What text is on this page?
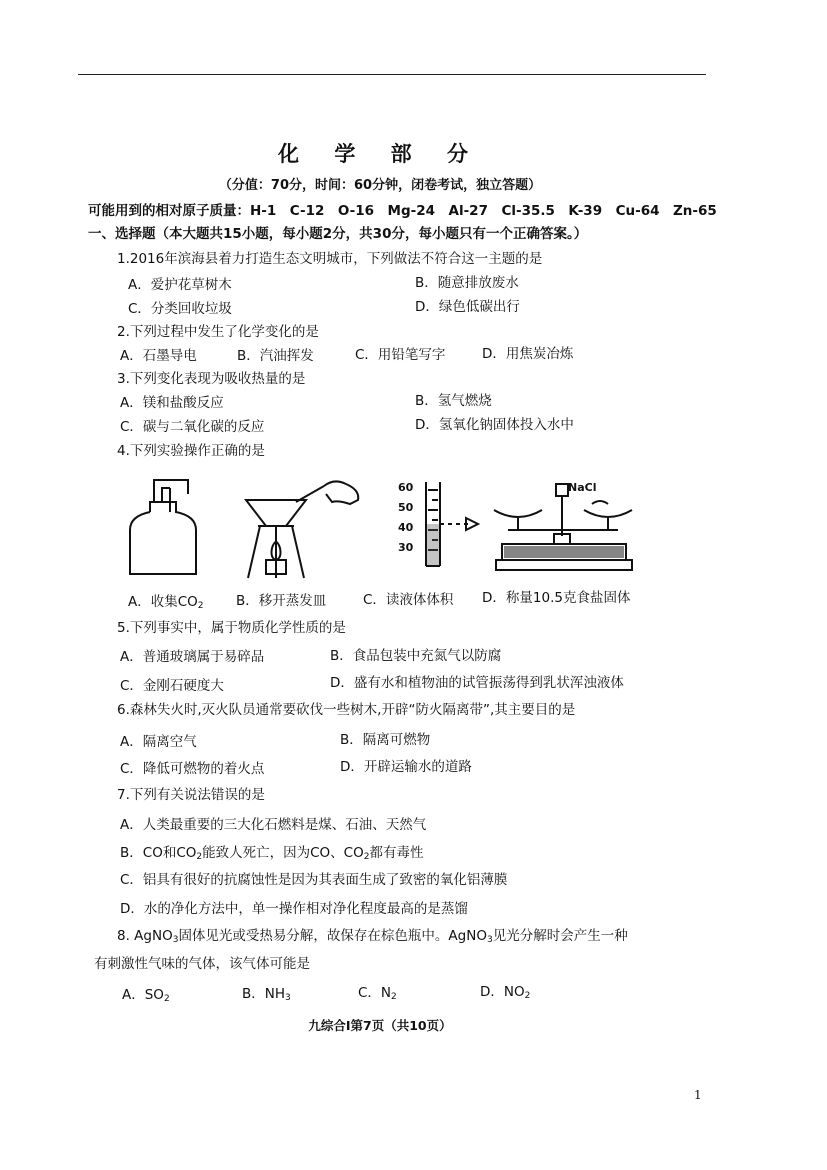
化 学 部 分
（分值：70分，时间：60分钟，闭卷考试，独立答题）
可能用到的相对原子质量：H-1　C-12　O-16　Mg-24　Al-27　Cl-35.5　K-39　Cu-64　Zn-65
一、选择题（本大题共15小题，每小题2分，共30分，每小题只有一个正确答案。）
1.2016年滨海县着力打造生态文明城市，下列做法不符合这一主题的是
A．爱护花草树木	B．随意排放废水
C．分类回收垃圾	D．绿色低碳出行
2.下列过程中发生了化学变化的是
A．石墨导电	B．汽油挥发	C．用铅笔写字	D．用焦炭冶炼
3.下列变化表现为吸收热量的是
A．镁和盐酸反应	B．氢气燃烧
C．碳与二氧化碳的反应	D．氢氧化钠固体投入水中
4.下列实验操作正确的是
60
50
40
30
NaCl
A．收集$CO_2$ B．移开蒸发皿	C．读液体体积 D．称量10.5克食盐固体
5.下列事实中，属于物质化学性质的是
A．普通玻璃属于易碎品	B．食品包装中充氮气以防腐
C．金刚石硬度大	D．盛有水和植物油的试管振荡得到乳状浑浊液体
6.森林失火时,灭火队员通常要砍伐一些树木,开辟“防火隔离带”,其主要目的是
A．隔离空气	B．隔离可燃物
C．降低可燃物的着火点	D．开辟运输水的道路
7.下列有关说法错误的是
A．人类最重要的三大化石燃料是煤、石油、天然气
B．CO和$CO_2$能致人死亡，因为CO、$CO_2$都有毒性
C．铝具有很好的抗腐蚀性是因为其表面生成了致密的氧化铝薄膜
D．水的净化方法中，单一操作相对净化程度最高的是蒸馏
8. AgNO$_3$固体见光或受热易分解，故保存在棕色瓶中。AgNO$_3$见光分解时会产生一种
有刺激性气味的气体，该气体可能是
A．$SO_2$	B．$NH_3$	C．$N_2$	D．$NO_2$
九综合Ⅰ第7页（共10页）
1
